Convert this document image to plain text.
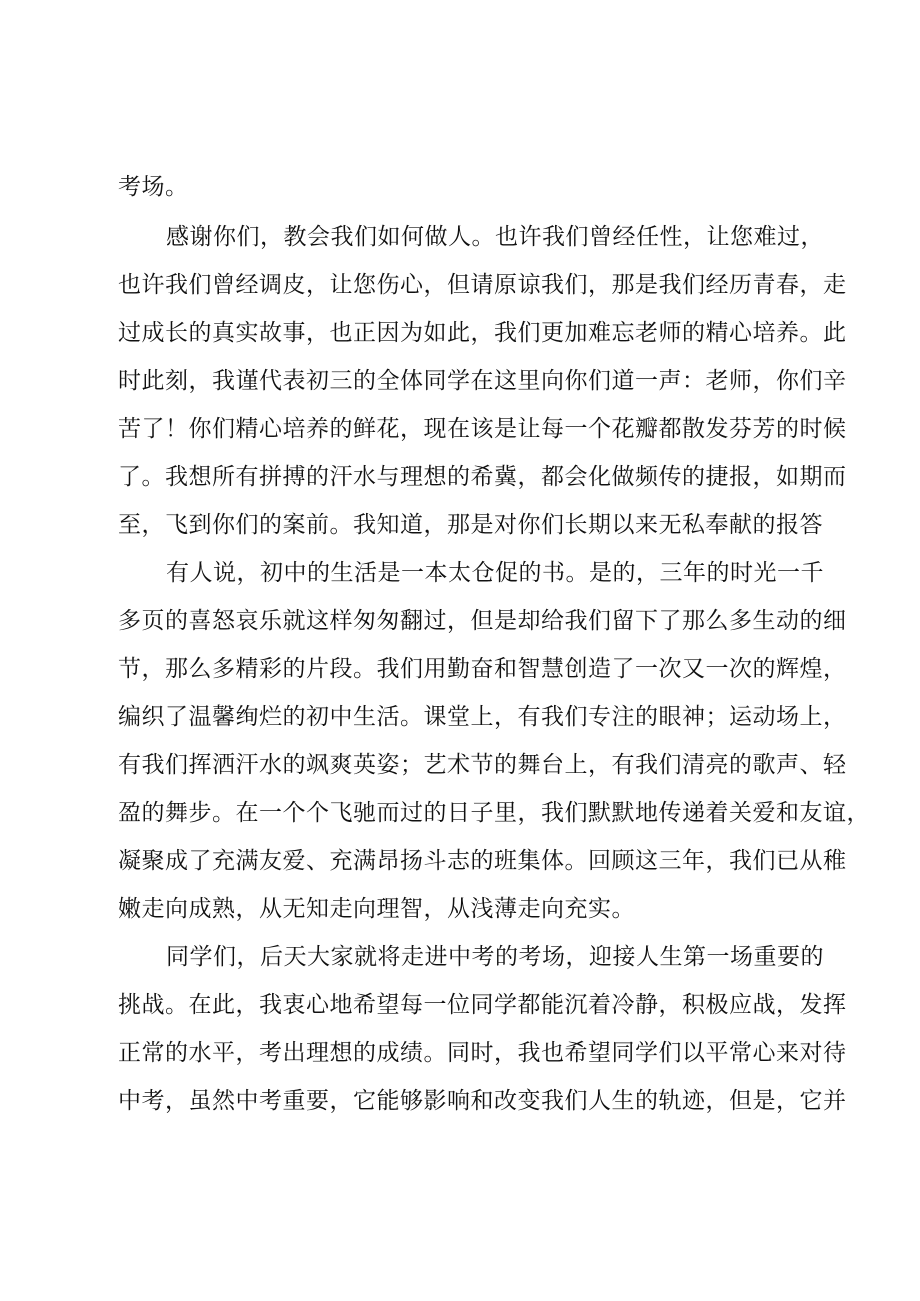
考场。
感谢你们，教会我们如何做人。也许我们曾经任性，让您难过，
也许我们曾经调皮，让您伤心，但请原谅我们，那是我们经历青春，走
过成长的真实故事，也正因为如此，我们更加难忘老师的精心培养。此
时此刻，我谨代表初三的全体同学在这里向你们道一声：老师，你们辛
苦了！你们精心培养的鲜花，现在该是让每一个花瓣都散发芬芳的时候
了。我想所有拼搏的汗水与理想的希冀，都会化做频传的捷报，如期而
至，飞到你们的案前。我知道，那是对你们长期以来无私奉献的报答
有人说，初中的生活是一本太仓促的书。是的，三年的时光一千
多页的喜怒哀乐就这样匆匆翻过，但是却给我们留下了那么多生动的细
节，那么多精彩的片段。我们用勤奋和智慧创造了一次又一次的辉煌，
编织了温馨绚烂的初中生活。课堂上，有我们专注的眼神；运动场上，
有我们挥洒汗水的飒爽英姿；艺术节的舞台上，有我们清亮的歌声、轻
盈的舞步。在一个个飞驰而过的日子里，我们默默地传递着关爱和友谊，
凝聚成了充满友爱、充满昂扬斗志的班集体。回顾这三年，我们已从稚
嫩走向成熟，从无知走向理智，从浅薄走向充实。
同学们，后天大家就将走进中考的考场，迎接人生第一场重要的
挑战。在此，我衷心地希望每一位同学都能沉着冷静，积极应战，发挥
正常的水平，考出理想的成绩。同时，我也希望同学们以平常心来对待
中考，虽然中考重要，它能够影响和改变我们人生的轨迹，但是，它并
